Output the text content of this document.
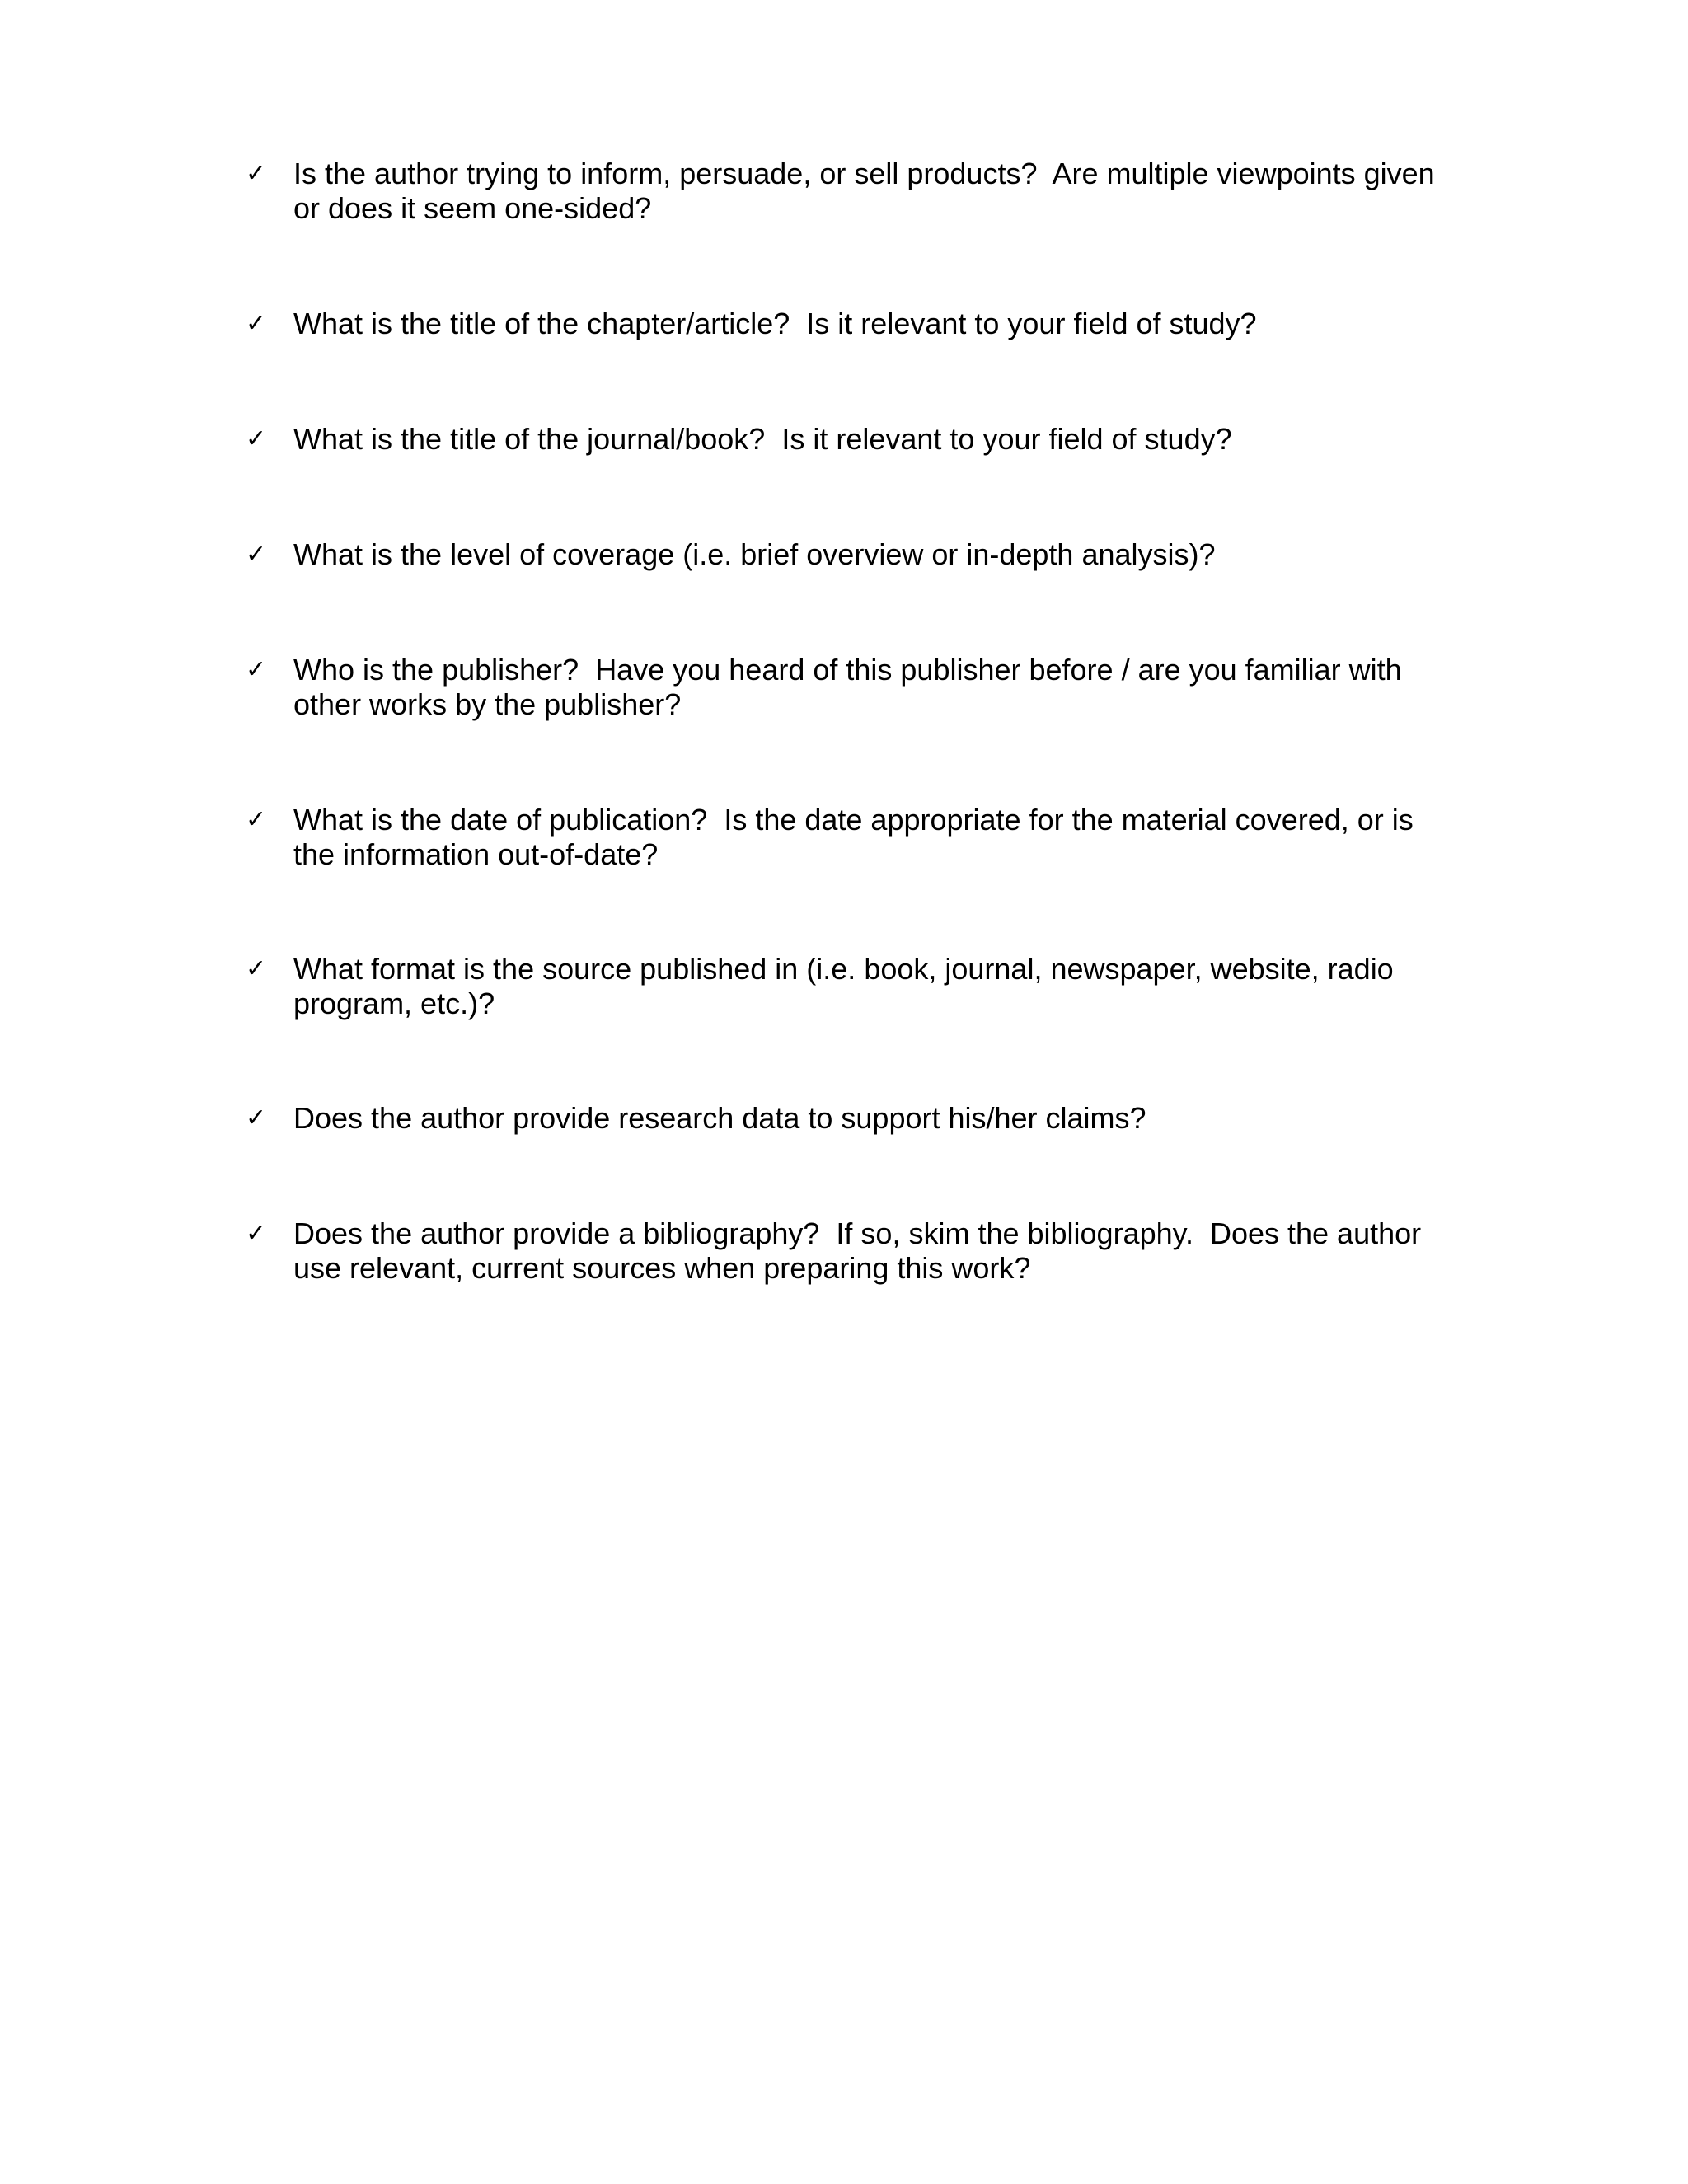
✓ Is the author trying to inform, persuade, or sell products?  Are multiple viewpoints given
or does it seem one-sided?
✓ What is the title of the chapter/article?  Is it relevant to your field of study?
✓ What is the title of the journal/book?  Is it relevant to your field of study?
✓ What is the level of coverage (i.e. brief overview or in-depth analysis)?
✓ Who is the publisher?  Have you heard of this publisher before / are you familiar with
other works by the publisher?
✓ What is the date of publication?  Is the date appropriate for the material covered, or is
the information out-of-date?
✓ What format is the source published in (i.e. book, journal, newspaper, website, radio
program, etc.)?
✓ Does the author provide research data to support his/her claims?
✓ Does the author provide a bibliography?  If so, skim the bibliography.  Does the author
use relevant, current sources when preparing this work?
